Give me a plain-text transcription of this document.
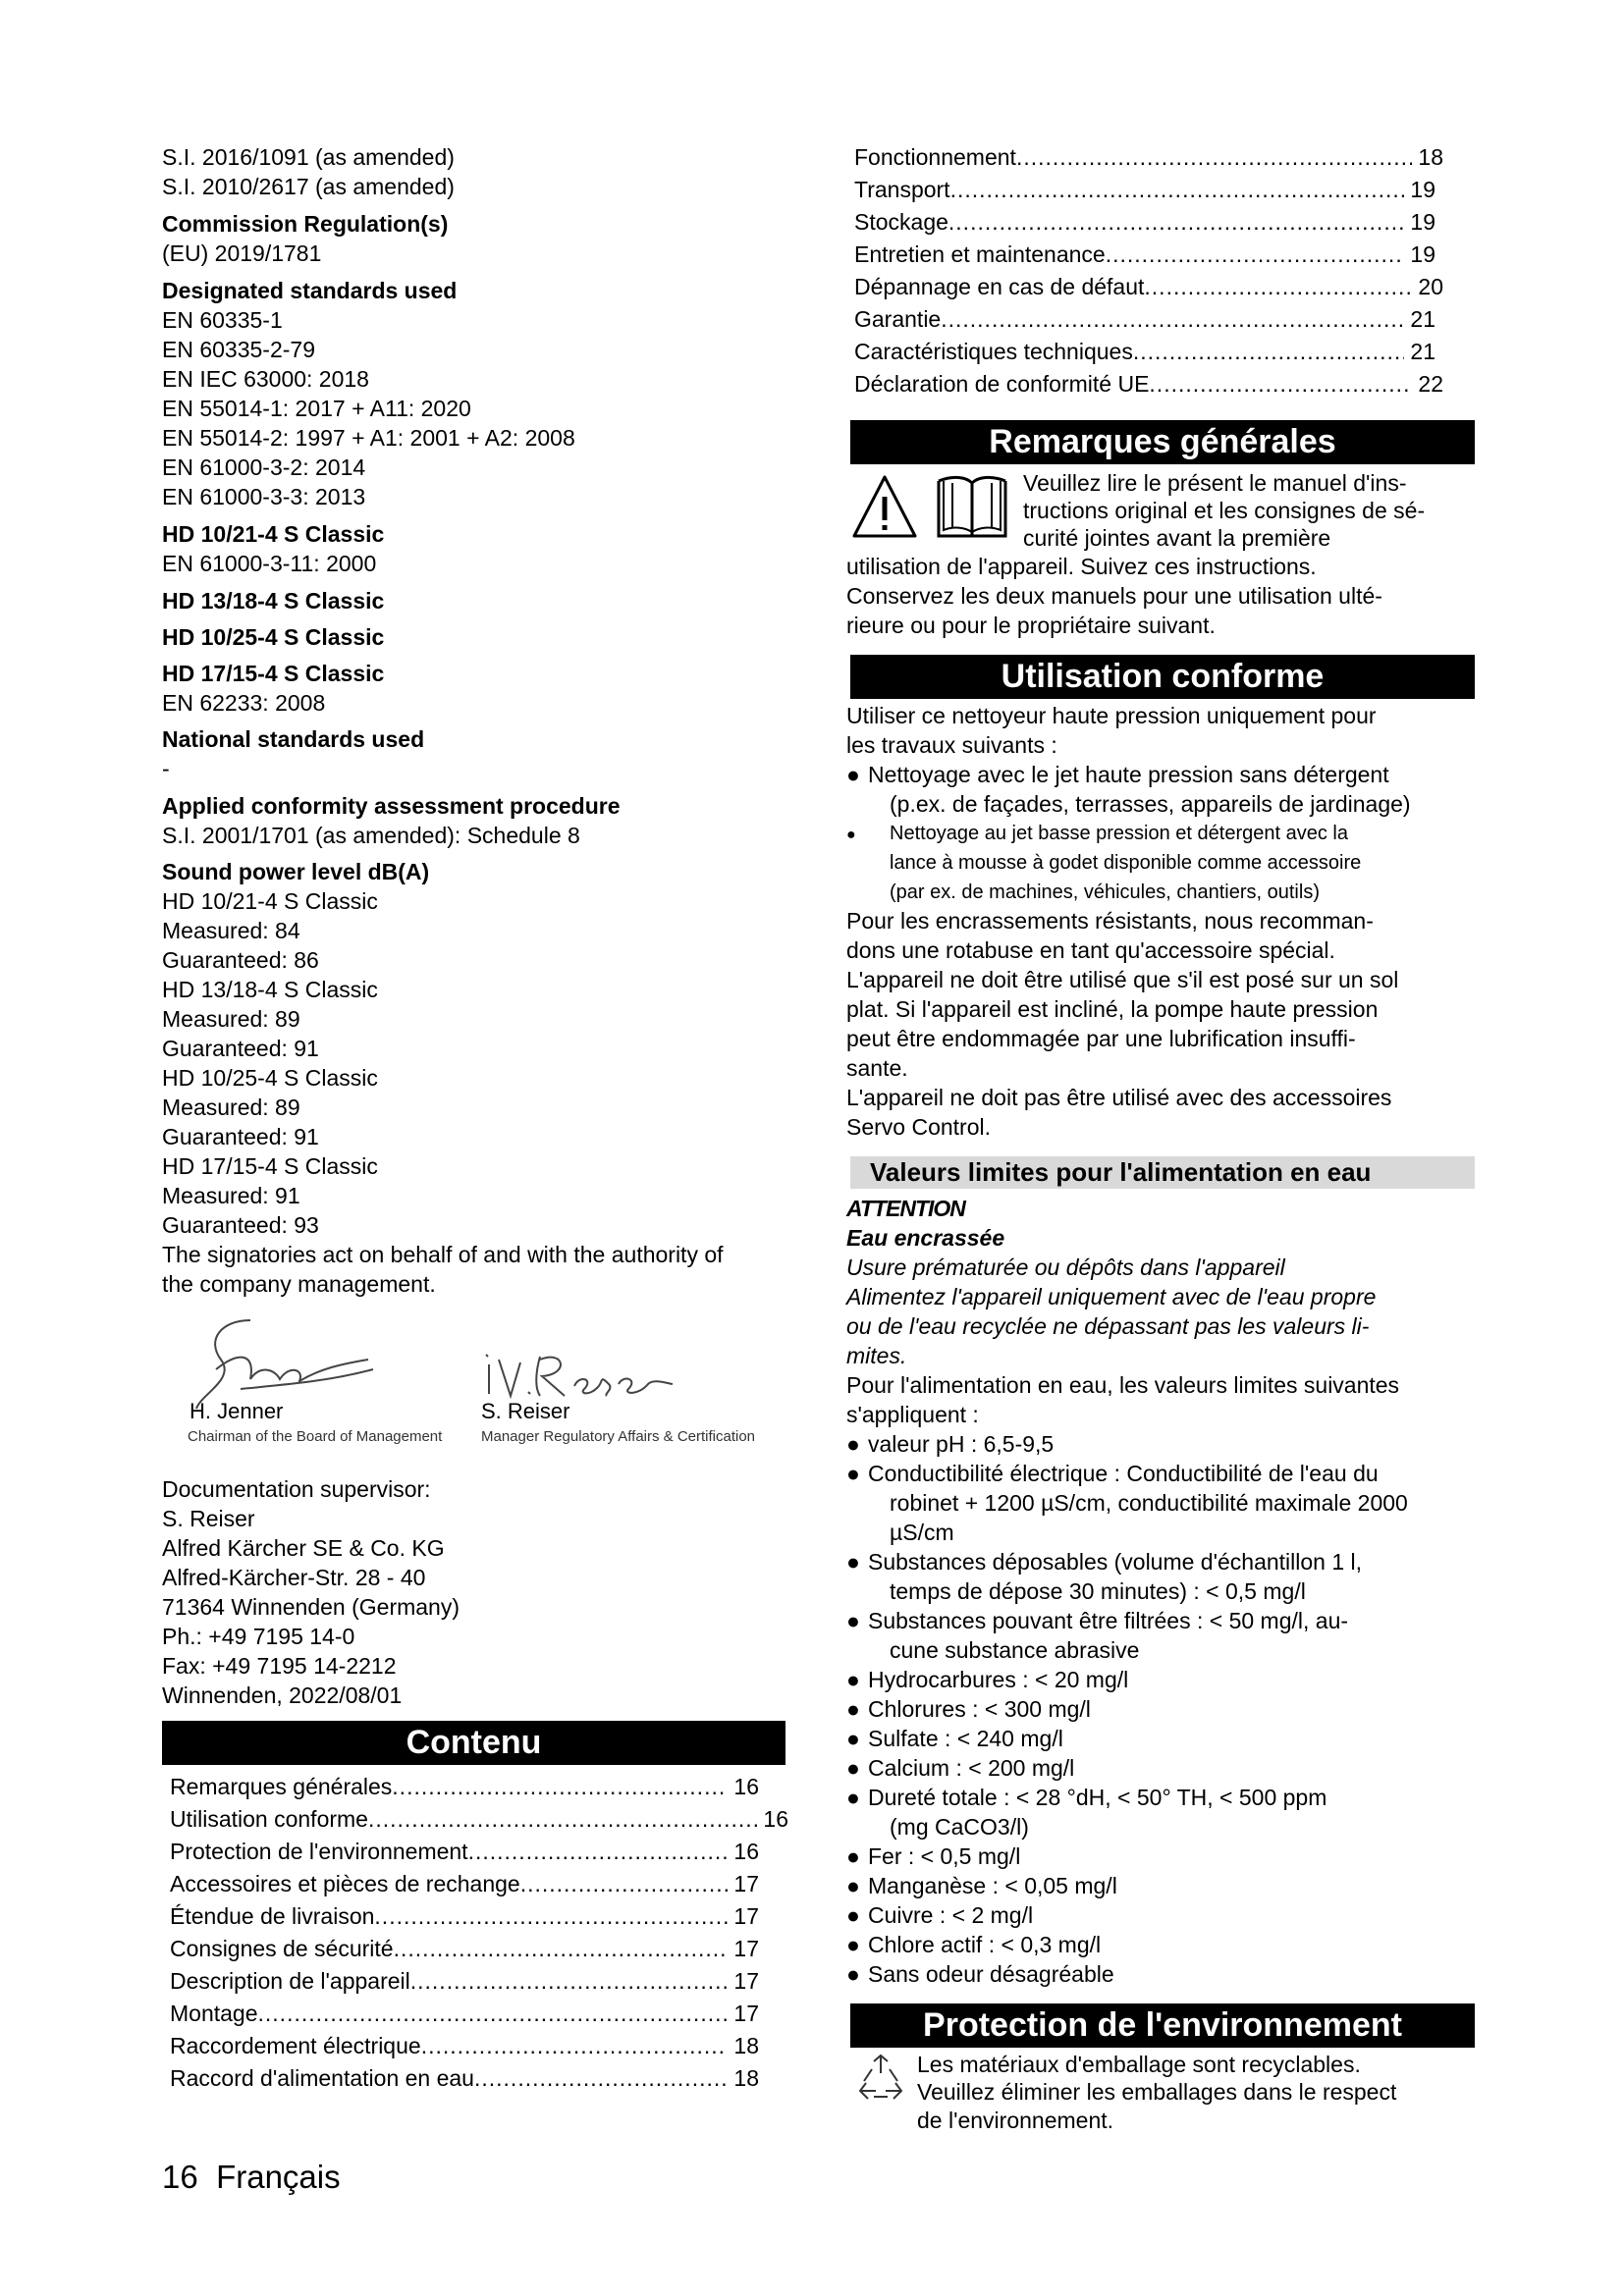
S.I. 2016/1091 (as amended)
S.I. 2010/2617 (as amended)
Commission Regulation(s)
(EU) 2019/1781
Designated standards used
EN 60335-1
EN 60335-2-79
EN IEC 63000: 2018
EN 55014-1: 2017 + A11: 2020
EN 55014-2: 1997 + A1: 2001 + A2: 2008
EN 61000-3-2: 2014
EN 61000-3-3: 2013
HD 10/21-4 S Classic
EN 61000-3-11: 2000
HD 13/18-4 S Classic
HD 10/25-4 S Classic
HD 17/15-4 S Classic
EN 62233: 2008
National standards used
-
Applied conformity assessment procedure
S.I. 2001/1701 (as amended): Schedule 8
Sound power level dB(A)
HD 10/21-4 S Classic
Measured: 84
Guaranteed: 86
HD 13/18-4 S Classic
Measured: 89
Guaranteed: 91
HD 10/25-4 S Classic
Measured: 89
Guaranteed: 91
HD 17/15-4 S Classic
Measured: 91
Guaranteed: 93
The signatories act on behalf of and with the authority of
the company management.
H. Jenner
Chairman of the Board of Management
S. Reiser
Manager Regulatory Affairs & Certification
Documentation supervisor:
S. Reiser
Alfred Kärcher SE & Co. KG
Alfred-Kärcher-Str. 28 - 40
71364 Winnenden (Germany)
Ph.: +49 7195 14-0
Fax: +49 7195 14-2212
Winnenden, 2022/08/01
Contenu
Remarques générales .....	16
Utilisation conforme .....	16
Protection de l'environnement .....	16
Accessoires et pièces de rechange .....	17
Étendue de livraison .....	17
Consignes de sécurité .....	17
Description de l'appareil .....	17
Montage .....	17
Raccordement électrique .....	18
Raccord d'alimentation en eau .....	18
Fonctionnement .....	18
Transport .....	19
Stockage .....	19
Entretien et maintenance .....	19
Dépannage en cas de défaut .....	20
Garantie .....	21
Caractéristiques techniques .....	21
Déclaration de conformité UE .....	22
Remarques générales
Veuillez lire le présent le manuel d'ins-
tructions original et les consignes de sé-
curité jointes avant la première
utilisation de l'appareil. Suivez ces instructions.
Conservez les deux manuels pour une utilisation ulté-
rieure ou pour le propriétaire suivant.
Utilisation conforme
Utiliser ce nettoyeur haute pression uniquement pour
les travaux suivants :
● Nettoyage avec le jet haute pression sans détergent
(p.ex. de façades, terrasses, appareils de jardinage)
● Nettoyage au jet basse pression et détergent avec la
lance à mousse à godet disponible comme accessoire
(par ex. de machines, véhicules, chantiers, outils)
Pour les encrassements résistants, nous recomman-
dons une rotabuse en tant qu'accessoire spécial.
L'appareil ne doit être utilisé que s'il est posé sur un sol
plat. Si l'appareil est incliné, la pompe haute pression
peut être endommagée par une lubrification insuffi-
sante.
L'appareil ne doit pas être utilisé avec des accessoires
Servo Control.
Valeurs limites pour l'alimentation en eau
ATTENTION
Eau encrassée
Usure prématurée ou dépôts dans l'appareil
Alimentez l'appareil uniquement avec de l'eau propre
ou de l'eau recyclée ne dépassant pas les valeurs li-
mites.
Pour l'alimentation en eau, les valeurs limites suivantes
s'appliquent :
● valeur pH : 6,5-9,5
● Conductibilité électrique : Conductibilité de l'eau du
robinet + 1200 µS/cm, conductibilité maximale 2000
µS/cm
● Substances déposables (volume d'échantillon 1 l,
temps de dépose 30 minutes) : < 0,5 mg/l
● Substances pouvant être filtrées : < 50 mg/l, au-
cune substance abrasive
● Hydrocarbures : < 20 mg/l
● Chlorures : < 300 mg/l
● Sulfate : < 240 mg/l
● Calcium : < 200 mg/l
● Dureté totale : < 28 °dH, < 50° TH, < 500 ppm
(mg CaCO3/l)
● Fer : < 0,5 mg/l
● Manganèse : < 0,05 mg/l
● Cuivre : < 2 mg/l
● Chlore actif : < 0,3 mg/l
● Sans odeur désagréable
Protection de l'environnement
Les matériaux d'emballage sont recyclables.
Veuillez éliminer les emballages dans le respect
de l'environnement.
16 Français
